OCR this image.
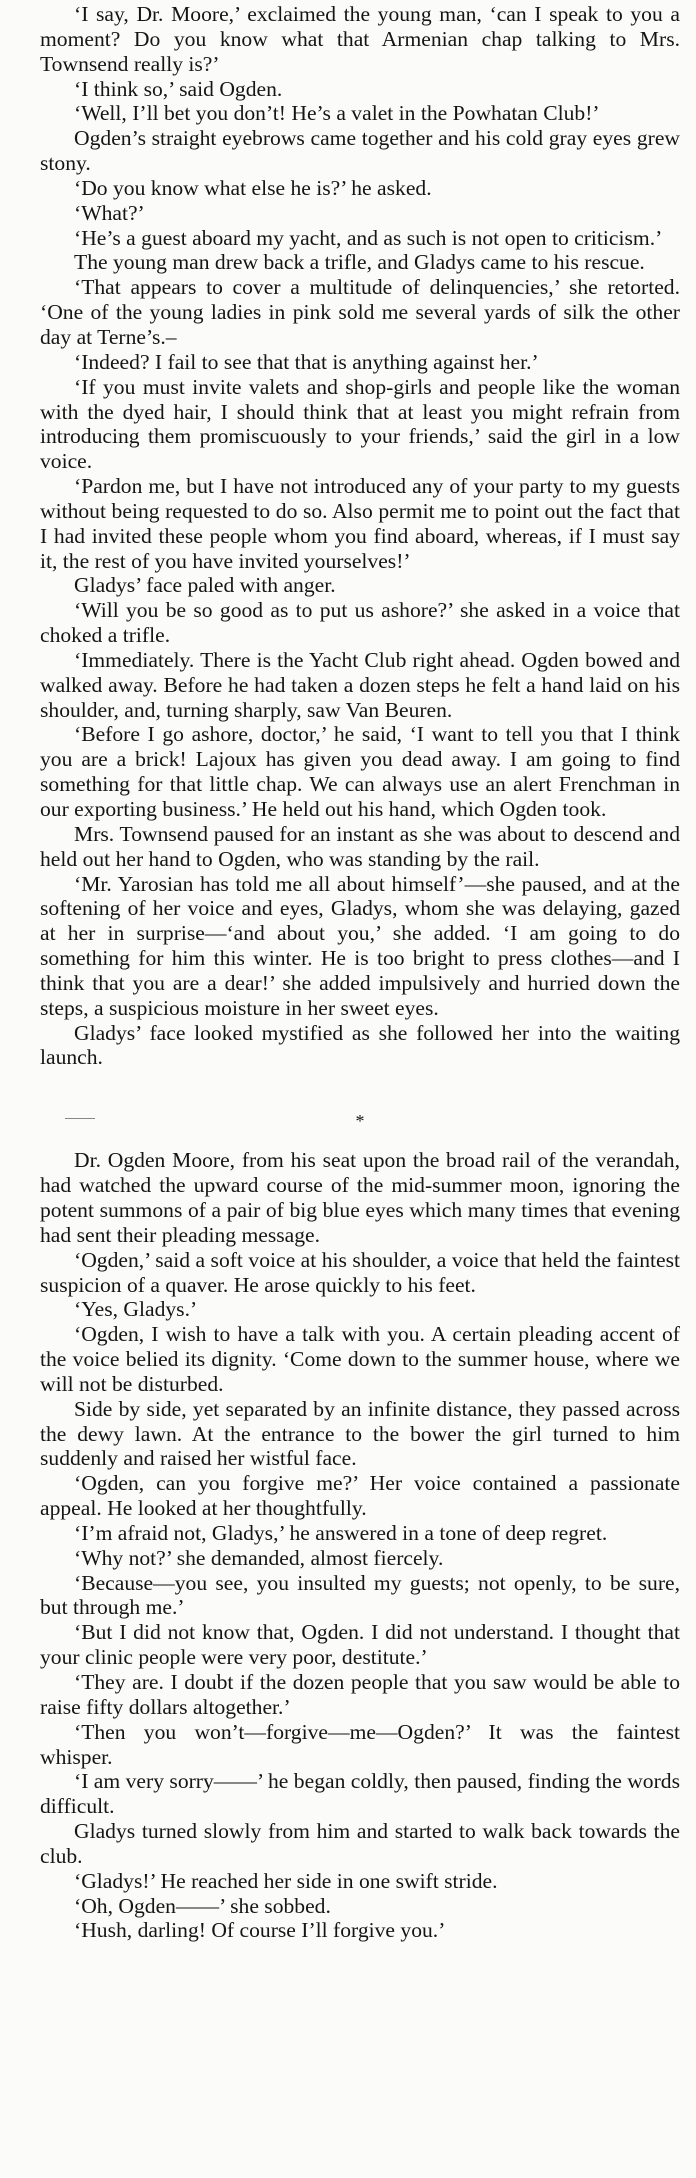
‘I say, Dr. Moore,’ exclaimed the young man, ‘can I speak to you a moment? Do you know what that Armenian chap talking to Mrs. Townsend really is?’

‘I think so,’ said Ogden.

‘Well, I’ll bet you don’t! He’s a valet in the Powhatan Club!’

Ogden’s straight eyebrows came together and his cold gray eyes grew stony.

‘Do you know what else he is?’ he asked.

‘What?’

‘He’s a guest aboard my yacht, and as such is not open to criticism.’

The young man drew back a trifle, and Gladys came to his rescue.

‘That appears to cover a multitude of delinquencies,’ she retorted. ‘One of the young ladies in pink sold me several yards of silk the other day at Terne’s.–

‘Indeed? I fail to see that that is anything against her.’

‘If you must invite valets and shop-girls and people like the woman with the dyed hair, I should think that at least you might refrain from introducing them promiscuously to your friends,’ said the girl in a low voice.

‘Pardon me, but I have not introduced any of your party to my guests without being requested to do so. Also permit me to point out the fact that I had invited these people whom you find aboard, whereas, if I must say it, the rest of you have invited yourselves!’

Gladys’ face paled with anger.

‘Will you be so good as to put us ashore?’ she asked in a voice that choked a trifle.

‘Immediately. There is the Yacht Club right ahead. Ogden bowed and walked away. Before he had taken a dozen steps he felt a hand laid on his shoulder, and, turning sharply, saw Van Beuren.

‘Before I go ashore, doctor,’ he said, ‘I want to tell you that I think you are a brick! Lajoux has given you dead away. I am going to find something for that little chap. We can always use an alert Frenchman in our exporting business.’ He held out his hand, which Ogden took.

Mrs. Townsend paused for an instant as she was about to descend and held out her hand to Ogden, who was standing by the rail.

‘Mr. Yarosian has told me all about himself’—she paused, and at the softening of her voice and eyes, Gladys, whom she was delaying, gazed at her in surprise—‘and about you,’ she added. ‘I am going to do something for him this winter. He is too bright to press clothes—and I think that you are a dear!’ she added impulsively and hurried down the steps, a suspicious moisture in her sweet eyes.

Gladys’ face looked mystified as she followed her into the waiting launch.

*

Dr. Ogden Moore, from his seat upon the broad rail of the verandah, had watched the upward course of the mid-summer moon, ignoring the potent summons of a pair of big blue eyes which many times that evening had sent their pleading message.

‘Ogden,’ said a soft voice at his shoulder, a voice that held the faintest suspicion of a quaver. He arose quickly to his feet.

‘Yes, Gladys.’

‘Ogden, I wish to have a talk with you. A certain pleading accent of the voice belied its dignity. ‘Come down to the summer house, where we will not be disturbed.

Side by side, yet separated by an infinite distance, they passed across the dewy lawn. At the entrance to the bower the girl turned to him suddenly and raised her wistful face.

‘Ogden, can you forgive me?’ Her voice contained a passionate appeal. He looked at her thoughtfully.

‘I’m afraid not, Gladys,’ he answered in a tone of deep regret.

‘Why not?’ she demanded, almost fiercely.

‘Because—you see, you insulted my guests; not openly, to be sure, but through me.’

‘But I did not know that, Ogden. I did not understand. I thought that your clinic people were very poor, destitute.’

‘They are. I doubt if the dozen people that you saw would be able to raise fifty dollars altogether.’

‘Then you won’t—forgive—me—Ogden?’ It was the faintest whisper.

‘I am very sorry——’ he began coldly, then paused, finding the words difficult.

Gladys turned slowly from him and started to walk back towards the club.

‘Gladys!’ He reached her side in one swift stride.

‘Oh, Ogden——’ she sobbed.

‘Hush, darling! Of course I’ll forgive you.’
